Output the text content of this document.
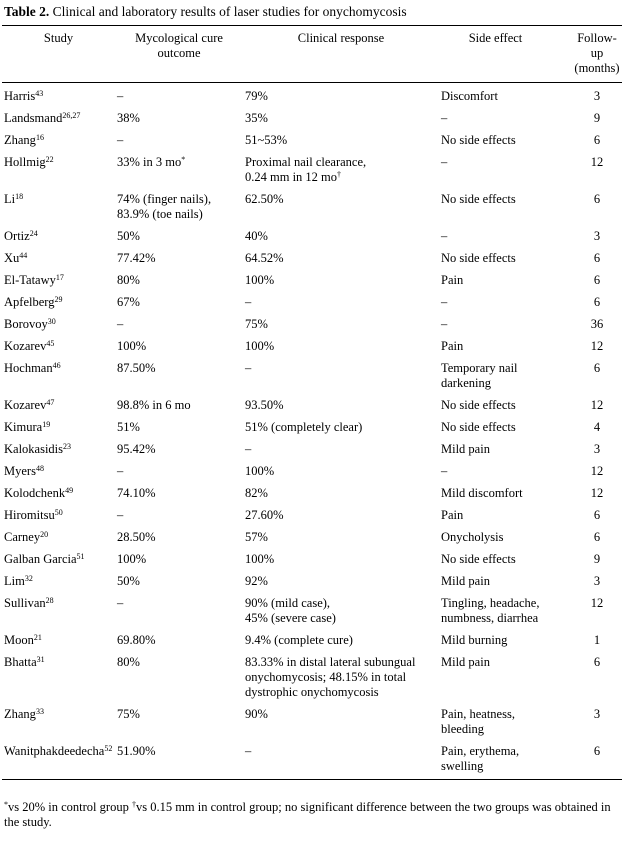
Table 2. Clinical and laboratory results of laser studies for onychomycosis
Study	Mycological cure
outcome	Clinical response	Side effect	Follow-up
(months)
Harris$^{43}$	–	79%	Discomfort	3
Landsmand$^{26,27}$	38%	35%	–	9
Zhang$^{16}$	–	51~53%	No side effects	6
Hollmig$^{22}$	33% in 3 mo*	Proximal nail clearance,
0.24 mm in 12 mo†	–	12
Li$^{18}$	74% (finger nails),
83.9% (toe nails)	62.50%	No side effects	6
Ortiz$^{24}$	50%	40%	–	3
Xu$^{44}$	77.42%	64.52%	No side effects	6
El-Tatawy$^{17}$	80%	100%	Pain	6
Apfelberg$^{29}$	67%	–	–	6
Borovoy$^{30}$	–	75%	–	36
Kozarev$^{45}$	100%	100%	Pain	12
Hochman$^{46}$	87.50%	–	Temporary nail
darkening	6
Kozarev$^{47}$	98.8% in 6 mo	93.50%	No side effects	12
Kimura$^{19}$	51%	51% (completely clear)	No side effects	4
Kalokasidis$^{23}$	95.42%	–	Mild pain	3
Myers$^{48}$	–	100%	–	12
Kolodchenk$^{49}$	74.10%	82%	Mild discomfort	12
Hiromitsu$^{50}$	–	27.60%	Pain	6
Carney$^{20}$	28.50%	57%	Onycholysis	6
Galban Garcia$^{51}$	100%	100%	No side effects	9
Lim$^{32}$	50%	92%	Mild pain	3
Sullivan$^{28}$	–	90% (mild case),
45% (severe case)	Tingling, headache,
numbness, diarrhea	12
Moon$^{21}$	69.80%	9.4% (complete cure)	Mild burning	1
Bhatta$^{31}$	80%	83.33% in distal lateral subungual
onychomycosis; 48.15% in total
dystrophic onychomycosis	Mild pain	6
Zhang$^{33}$	75%	90%	Pain, heatness,
bleeding	3
Wanitphakdeedecha$^{52}$	51.90%	–	Pain, erythema,
swelling	6
*vs 20% in control group †vs 0.15 mm in control group; no significant difference between the two groups was obtained in the study.
